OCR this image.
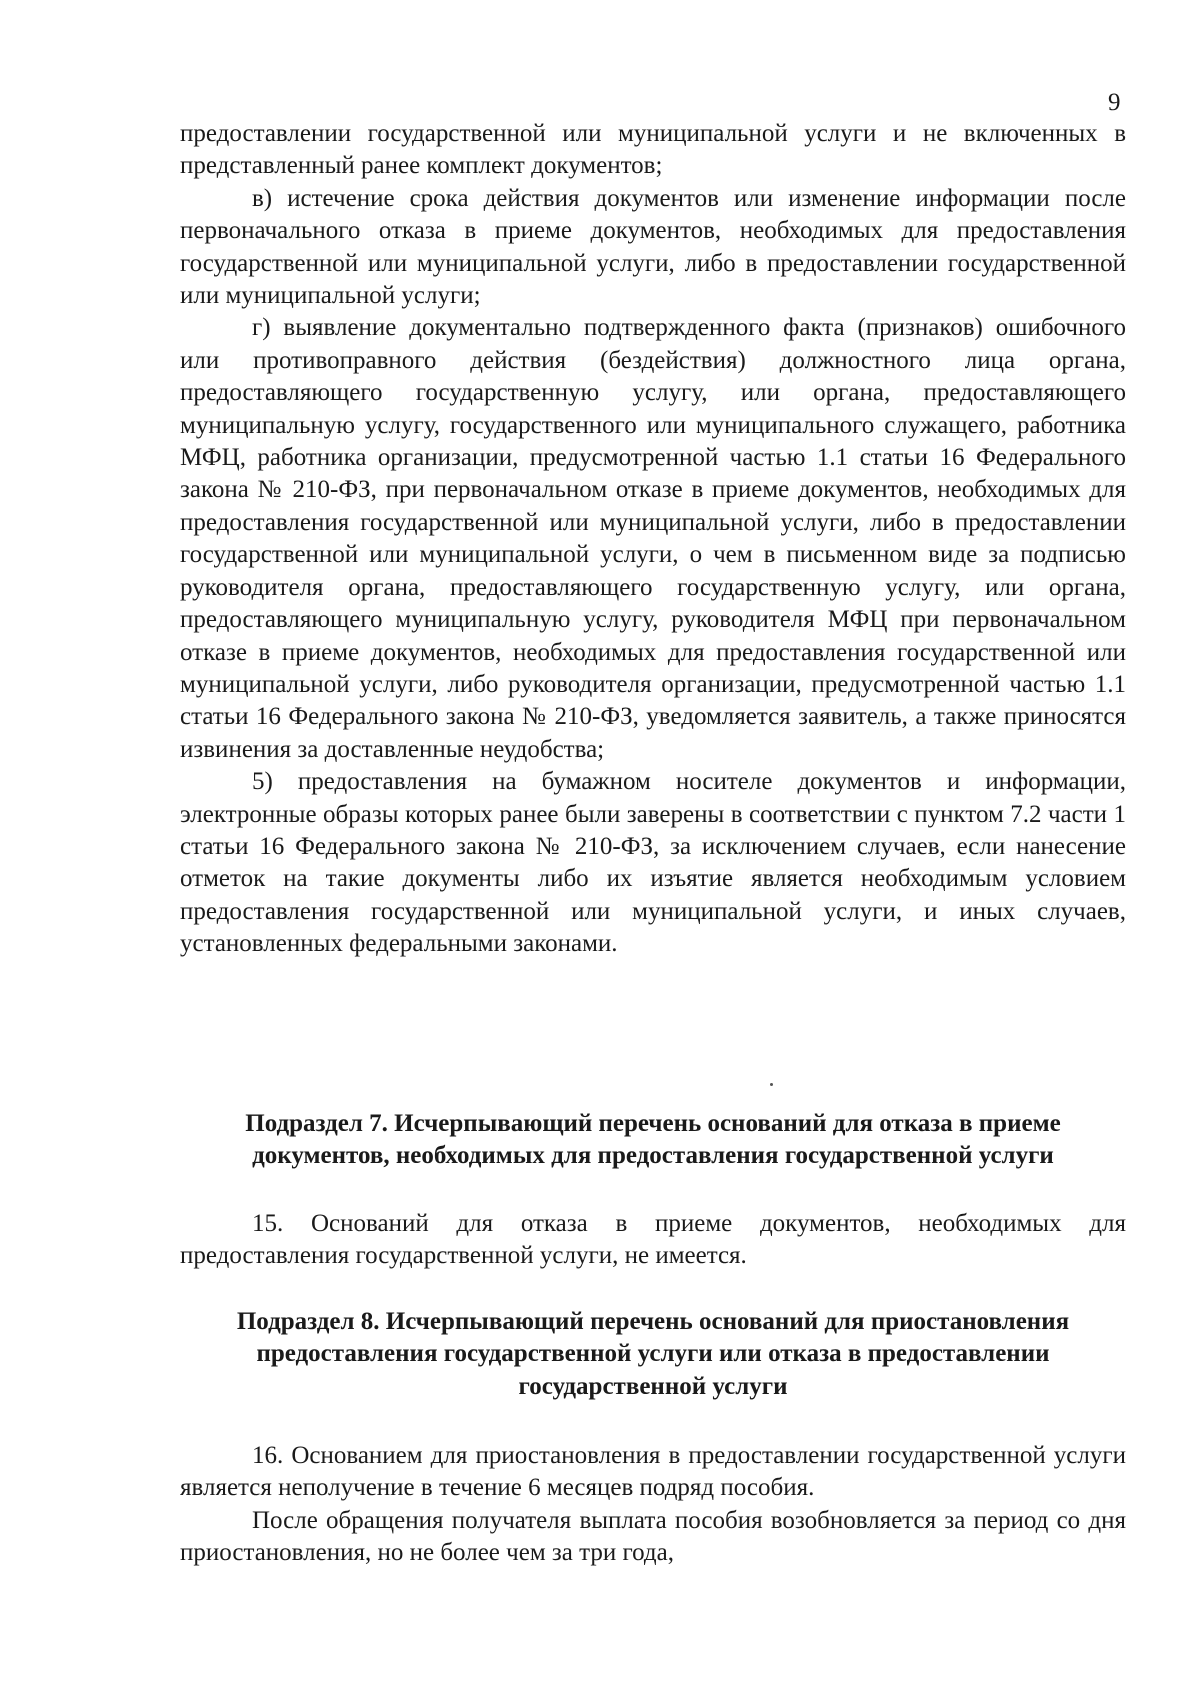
9

предоставлении государственной или муниципальной услуги и не включенных в представленный ранее комплект документов;

в) истечение срока действия документов или изменение информации после первоначального отказа в приеме документов, необходимых для предоставления государственной или муниципальной услуги, либо в предоставлении государственной или муниципальной услуги;

г) выявление документально подтвержденного факта (признаков) ошибочного или противоправного действия (бездействия) должностного лица органа, предоставляющего государственную услугу, или органа, предоставляющего муниципальную услугу, государственного или муниципального служащего, работника МФЦ, работника организации, предусмотренной частью 1.1 статьи 16 Федерального закона № 210-ФЗ, при первоначальном отказе в приеме документов, необходимых для предоставления государственной или муниципальной услуги, либо в предоставлении государственной или муниципальной услуги, о чем в письменном виде за подписью руководителя органа, предоставляющего государственную услугу, или органа, предоставляющего муниципальную услугу, руководителя МФЦ при первоначальном отказе в приеме документов, необходимых для предоставления государственной или муниципальной услуги, либо руководителя организации, предусмотренной частью 1.1 статьи 16 Федерального закона № 210-ФЗ, уведомляется заявитель, а также приносятся извинения за доставленные неудобства;

5) предоставления на бумажном носителе документов и информации, электронные образы которых ранее были заверены в соответствии с пунктом 7.2 части 1 статьи 16 Федерального закона № 210-ФЗ, за исключением случаев, если нанесение отметок на такие документы либо их изъятие является необходимым условием предоставления государственной или муниципальной услуги, и иных случаев, установленных федеральными законами.

Подраздел 7. Исчерпывающий перечень оснований для отказа в приеме документов, необходимых для предоставления государственной услуги

15. Оснований для отказа в приеме документов, необходимых для предоставления государственной услуги, не имеется.

Подраздел 8. Исчерпывающий перечень оснований для приостановления предоставления государственной услуги или отказа в предоставлении государственной услуги

16. Основанием для приостановления в предоставлении государственной услуги является неполучение в течение 6 месяцев подряд пособия.

После обращения получателя выплата пособия возобновляется за период со дня приостановления, но не более чем за три года,
